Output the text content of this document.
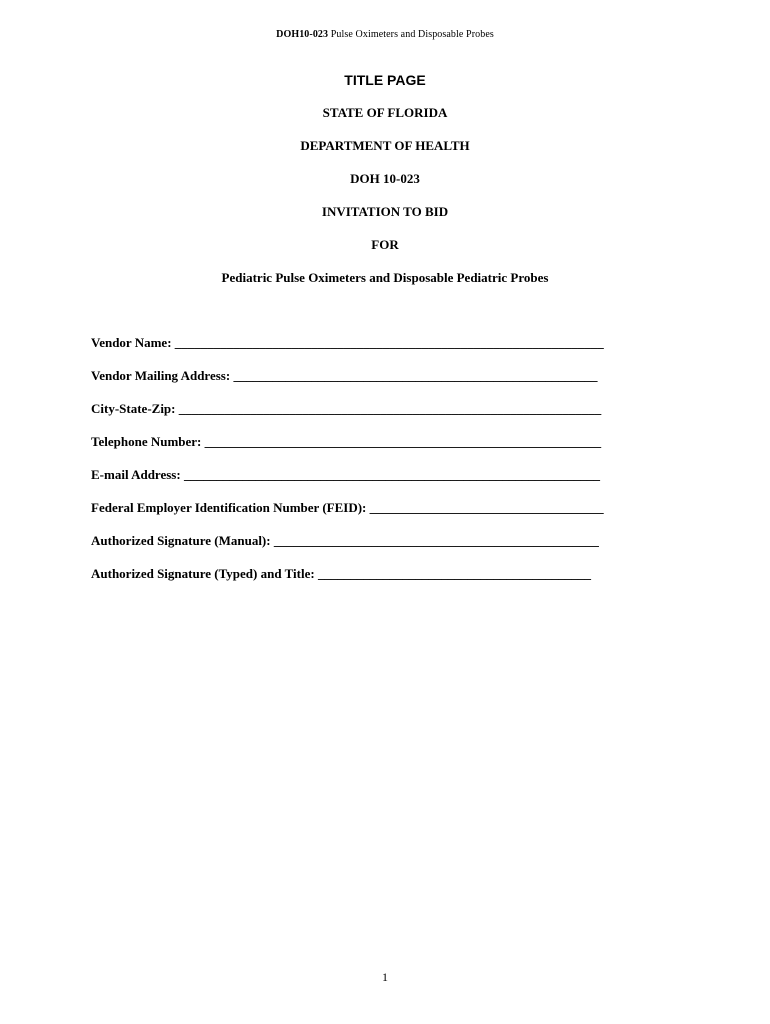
DOH10-023 Pulse Oximeters and Disposable Probes
TITLE PAGE
STATE OF FLORIDA
DEPARTMENT OF HEALTH
DOH 10-023
INVITATION TO BID
FOR
Pediatric Pulse Oximeters and Disposable Pediatric Probes
Vendor Name: __________________________________________________________________
Vendor Mailing Address: ________________________________________________________
City-State-Zip: _________________________________________________________________
Telephone Number: _____________________________________________________________
E-mail Address: ________________________________________________________________
Federal Employer Identification Number (FEID): ____________________________________
Authorized Signature (Manual): __________________________________________________
Authorized Signature (Typed) and Title: __________________________________________
1
